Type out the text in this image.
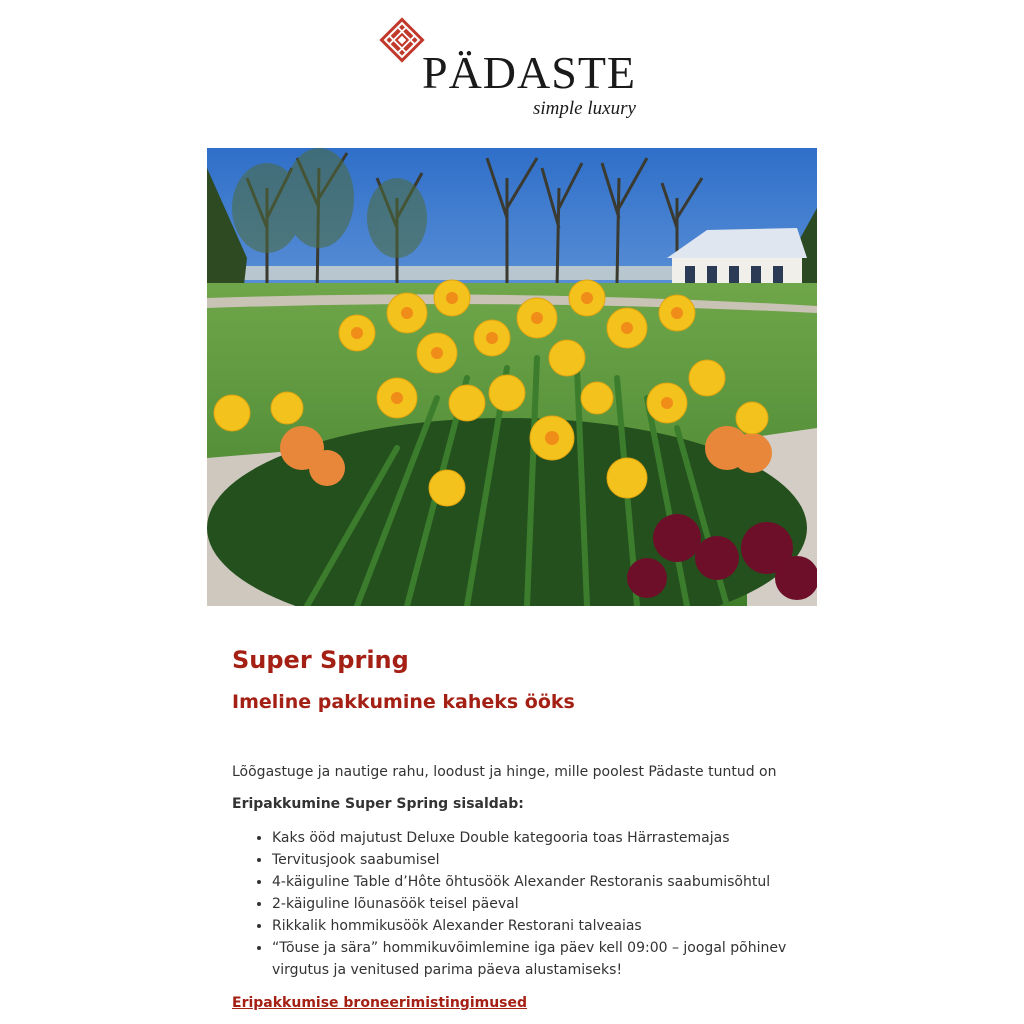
PÄDASTE
simple luxury
Super Spring
Imeline pakkumine kaheks ööks

Lõõgastuge ja nautige rahu, loodust ja hinge, mille poolest Pädaste tuntud on

Eripakkumine Super Spring sisaldab:

• Kaks ööd majutust Deluxe Double kategooria toas Härrastemajas
• Tervitusjook saabumisel
• 4-käiguline Table d’Hôte õhtusöök Alexander Restoranis saabumisõhtul
• 2-käiguline lõunasöök teisel päeval
• Rikkalik hommikusöök Alexander Restorani talveaias
• “Tõuse ja sära” hommikuvõimlemine iga päev kell 09:00 – joogal põhinev virgutus ja venitused parima päeva alustamiseks!
Eripakkumise broneerimistingimused
